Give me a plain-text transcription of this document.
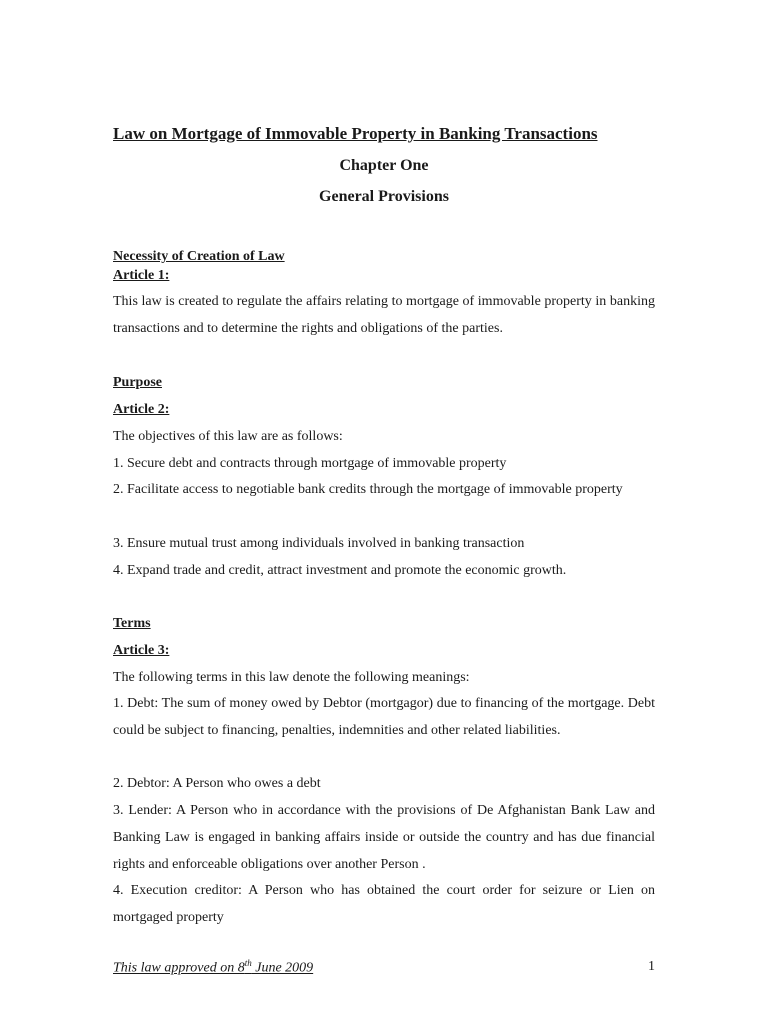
Law on Mortgage of Immovable Property in Banking Transactions
Chapter One
General Provisions
Necessity of Creation of Law
Article 1:
This law is created to regulate the affairs relating to mortgage of immovable property in banking transactions and to determine the rights and obligations of the parties.
Purpose
Article 2:
The objectives of this law are as follows:
1. Secure debt and contracts through mortgage of immovable property
2. Facilitate access to negotiable bank credits through the mortgage of immovable property
3. Ensure mutual trust among individuals involved in banking transaction
4. Expand trade and credit, attract investment and promote the economic growth.
Terms
Article 3:
The following terms in this law denote the following meanings:
1. Debt: The sum of money owed by Debtor (mortgagor) due to financing of the mortgage. Debt could be subject to financing, penalties, indemnities and other related liabilities.
2. Debtor: A Person who owes a debt
3. Lender: A Person who in accordance with the provisions of De Afghanistan Bank Law and Banking Law is engaged in banking affairs inside or outside the country and has due financial rights and enforceable obligations over another Person .
4. Execution creditor: A Person who has obtained the court order for seizure or Lien on mortgaged property
This law approved on 8th June 2009	1
